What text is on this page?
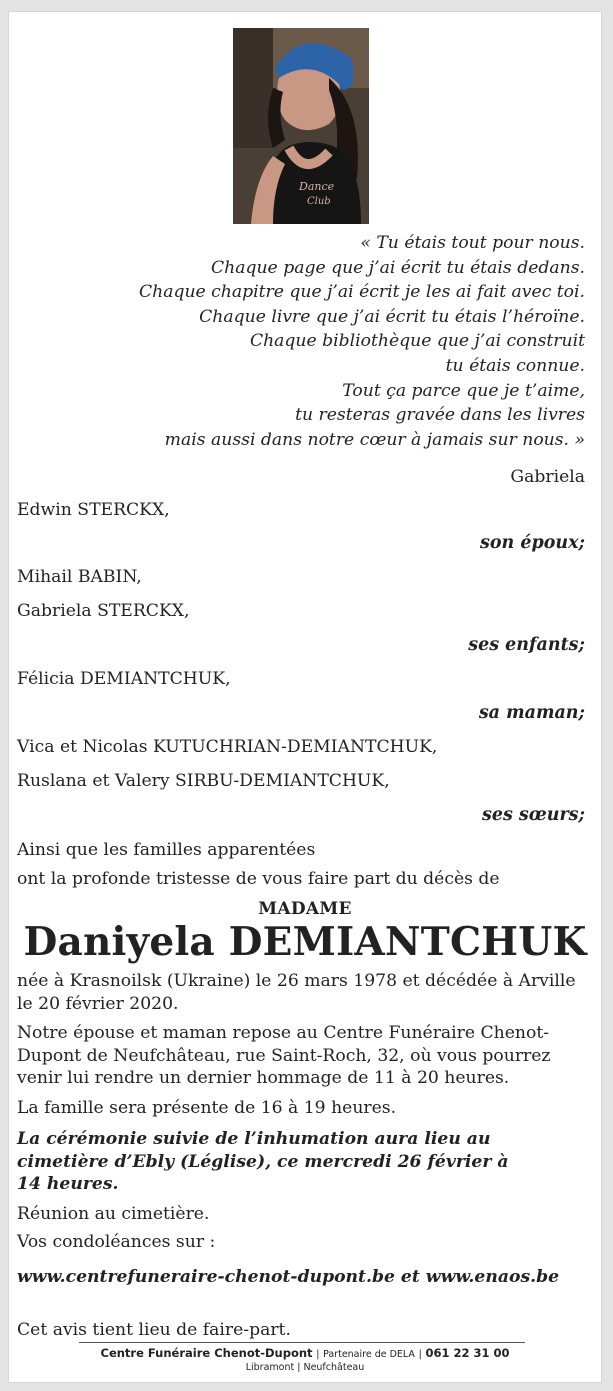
Dance
Club
« Tu étais tout pour nous.
Chaque page que j’ai écrit tu étais dedans.
Chaque chapitre que j’ai écrit je les ai fait avec toi.
Chaque livre que j’ai écrit tu étais l’héroïne.
Chaque bibliothèque que j’ai construit
tu étais connue.
Tout ça parce que je t’aime,
tu resteras gravée dans les livres
mais aussi dans notre cœur à jamais sur nous. »
Gabriela
Edwin STERCKX,
son époux;
Mihail BABIN,
Gabriela STERCKX,
ses enfants;
Félicia DEMIANTCHUK,
sa maman;
Vica et Nicolas KUTUCHRIAN-DEMIANTCHUK,
Ruslana et Valery SIRBU-DEMIANTCHUK,
ses sœurs;
Ainsi que les familles apparentées
ont la profonde tristesse de vous faire part du décès de
MADAME
Daniyela DEMIANTCHUK
née à Krasnoilsk (Ukraine) le 26 mars 1978 et décédée à Arville le 20 février 2020.
Notre épouse et maman repose au Centre Funéraire Chenot-Dupont de Neufchâteau, rue Saint-Roch, 32, où vous pourrez venir lui rendre un dernier hommage de 11 à 20 heures.
La famille sera présente de 16 à 19 heures.
La cérémonie suivie de l’inhumation aura lieu au cimetière d’Ebly (Léglise), ce mercredi 26 février à 14 heures.
Réunion au cimetière.
Vos condoléances sur :
www.centrefuneraire-chenot-dupont.be et www.enaos.be
Cet avis tient lieu de faire-part.
Centre Funéraire Chenot-Dupont | Partenaire de DELA | 061 22 31 00
Libramont | Neufchâteau
